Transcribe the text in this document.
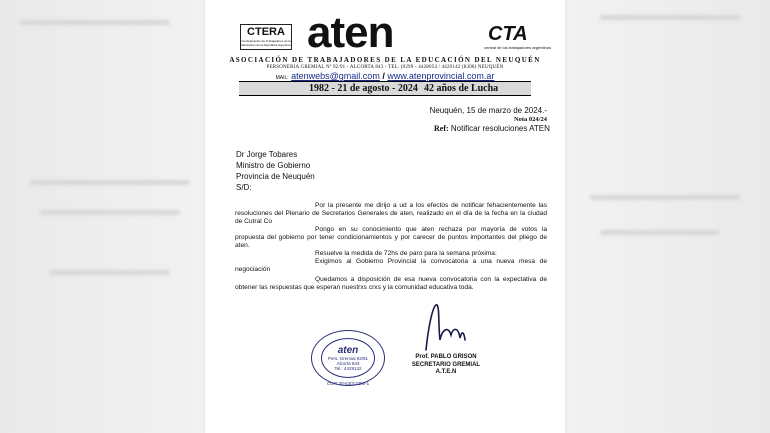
CTERA
Confederación de Trabajadores de la Educación de la República Argentina aten	CTA
central de los trabajadores argentinos
ASOCIACIÓN DE TRABAJADORES DE LA EDUCACIÓN DEL NEUQUÉN
PERSONERIA GREMIAL Nº 92/91 - ALCORTA 843 - TEL. (0299 - 4428054 / 4429142 (8300) NEUQUÉN
MAIL: atenwebs@gmail.com / www.atenprovincial.com.ar
1982 - 21 de agosto - 2024 42 años de Lucha
Neuquén, 15 de marzo de 2024.-
Nota 024/24
Ref: Notificar resoluciones ATEN
Dr Jorge Tobares
Ministro de Gobierno
Provincia de Neuquén
S/D:
Por la presente me dirijo a ud a los efectos de notificar fehacientemente las resoluciones del Plenario de Secretarios Generales de aten, realizado en el día de la fecha en la ciudad de Cutral Co
Pongo en su conocimiento que aten rechaza por mayoría de votos la propuesta del gobierno por tener condicionamientos y por carecer de puntos importantes del pliego de aten.
Resuelve la medida de 72hs de paro para la semana próxima:
Exigimos al Gobierno Provincial la convocatoria a una nueva mesa de negociación
Quedamos a disposición de esa nueva convocatoria con la expectativa de obtener las respuestas que esperan nuestrxs crxs y la comunidad educativa toda.
aten
Pers. Gremial 92/91
Alcorta 843
Tel.: 4429142
CUIT 30-63013250-1
Prof. PABLO GRISON
SECRETARIO GREMIAL
A.T.E.N
